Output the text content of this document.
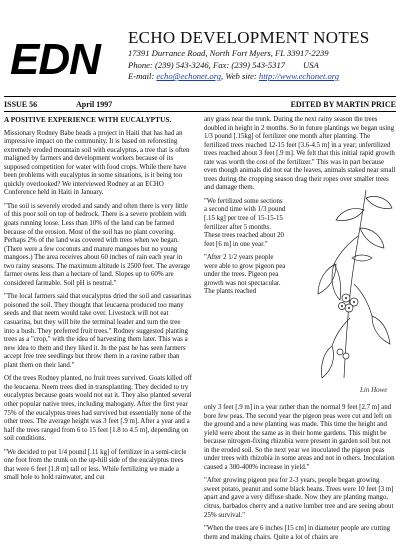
EDN ECHO DEVELOPMENT NOTES
17391 Durrance Road, North Fort Myers, FL 33917-2239
Phone: (239) 543-3246, Fax: (239) 543-5317 USA
E-mail: echo@echonet.org, Web site: http://www.echonet.org
ISSUE 56	April 1997	EDITED BY MARTIN PRICE

A POSITIVE EXPERIENCE WITH EUCALYPTUS.

Missionary Rodney Babe heads a project in Haiti that has had an impressive impact on the community. It is based on reforesting extremely eroded mountain soil with eucalyptus, a tree that is often maligned by farmers and development workers because of its supposed competition for water with food crops. While there have been problems with eucalyptus in some situations, is it being too quickly overlooked? We interviewed Rodney at an ECHO Conference held in Haiti in January.

"The soil is severely eroded and sandy and often there is very little of this poor soil on top of bedrock. There is a severe problem with goats running loose. Less than 10% of the land can be farmed because of the erosion. Most of the soil has no plant covering. Perhaps 2% of the land was covered with trees when we began. (There were a few coconuts and mature mangoes but no young mangoes.) The area receives about 60 inches of rain each year in two rainy seasons. The maximum altitude is 2500 feet. The average farmer owns less than a hectare of land. Slopes up to 60% are considered farmable. Soil pH is neutral."

"The local farmers said that eucalyptus dried the soil and casuarinas poisoned the soil. They thought that leucaena produced too many seeds and that neem would take over. Livestock will not eat casuarina, but they will bite the terminal leader and turn the tree into a bush. They preferred fruit trees." Rodney suggested planting trees as a "crop," with the idea of harvesting them later. This was a new idea to them and they liked it. In the past he has seen farmers accept free tree seedlings but throw them in a ravine rather than plant them on their land."

Of the trees Rodney planted, no fruit trees survived. Goats killed off the leucaena. Neem trees died in transplanting. They decided to try eucalyptus because goats would not eat it. They also planted several other popular native trees, including mahogany. After the first year 75% of the eucalyptus trees had survived but essentially none of the other trees. The average height was 3 feet [.9 m]. After a year and a half the trees ranged from 6 to 15 feet [1.8 to 4.5 m], depending on soil conditions.

"We decided to put 1/4 pound [.11 kg] of fertilizer in a semi-circle one foot from the trunk on the up-hill side of the eucalyptus trees that were 6 feet [1.8 m] tall or less. While fertilizing we made a small hole to hold rainwater, and cut

any grass near the trunk. During the next rainy season the trees doubled in height in 2 months. So in future plantings we began using 1/3 pound [.15kg] of fertilizer one month after planting. The fertilized trees reached 12-15 feet [3.6-4.5 m] in a year; unfertilized trees reached about 3 feet [.9 m]. We felt that this initial rapid growth rate was worth the cost of the fertilizer." This was in part because even though animals did not eat the leaves, animals staked near small trees during the cropping season drag their ropes over smaller trees and damage them.

"We fertilized some sections a second time with 1/3 pound [.15 kg] per tree of 15-15-15 fertilizer after 5 months. These trees reached about 20 feet [6 m] in one year."

"After 2 1/2 years people were able to grow pigeon pea under the trees. Pigeon pea growth was not spectacular. The plants reached

Lin Howe

only 3 feet [.9 m] in a year rather than the normal 9 feet [2.7 m] and bore few peas. The second year the pigeon peas were cut and left on the ground and a new planting was made. This time the height and yield were about the same as in their home gardens. This might be because nitrogen-fixing rhizobia were present in garden soil but not in the eroded soil. So the next year we inoculated the pigeon peas under trees with rhizobia in some areas and not in others. Inoculation caused a 300-400% increase in yield."

"After growing pigeon pea for 2-3 years, people began growing sweet potato, peanut and some black beans. Trees were 10 feet [3 m] apart and gave a very diffuse shade. Now they are planting mango, citrus, barbados cherry and a native lumber tree and are seeing about 25% survival."

"When the trees are 6 inches [15 cm] in diameter people are cutting them and making chairs. Quite a lot of chairs are
